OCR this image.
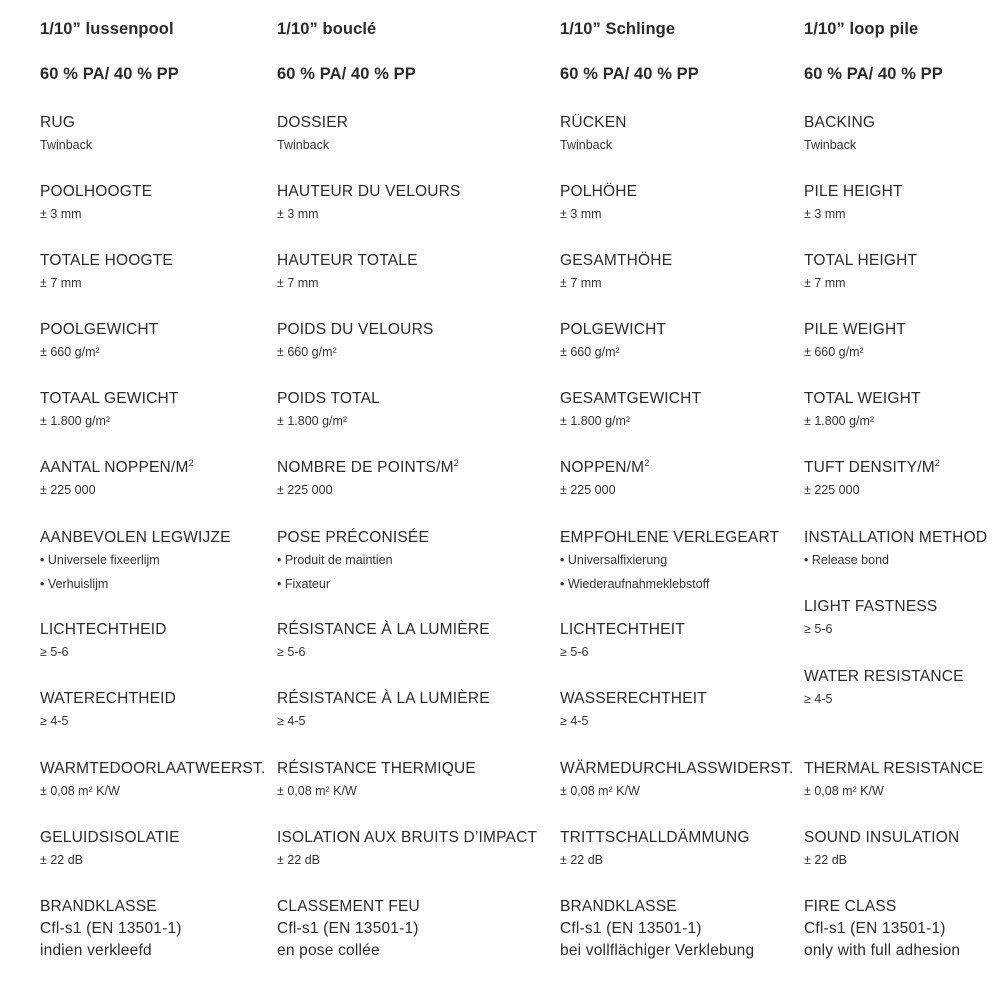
1/10” lussenpool
60 % PA/ 40 % PP
RUG
Twinback
POOLHOOGTE
± 3 mm
TOTALE HOOGTE
± 7 mm
POOLGEWICHT
± 660 g/m²
TOTAAL GEWICHT
± 1.800 g/m²
AANTAL NOPPEN/$M^2$
± 225 000
AANBEVOLEN LEGWIJZE
• Universele fixeerlijm
• Verhuislijm
LICHTECHTHEID
≥ 5-6
WATERECHTHEID
≥ 4-5
WARMTEDOORLAATWEERST.
± 0,08 m² K/W
GELUIDSISOLATIE
± 22 dB
BRANDKLASSE
Cfl-s1 (EN 13501-1)
indien verkleefd
1/10” bouclé
60 % PA/ 40 % PP
DOSSIER
Twinback
HAUTEUR DU VELOURS
± 3 mm
HAUTEUR TOTALE
± 7 mm
POIDS DU VELOURS
± 660 g/m²
POIDS TOTAL
± 1.800 g/m²
NOMBRE DE POINTS/$M^2$
± 225 000
POSE PRÉCONISÉE
• Produit de maintien
• Fixateur
RÉSISTANCE À LA LUMIÈRE
≥ 5-6
RÉSISTANCE À LA LUMIÈRE
≥ 4-5
RÉSISTANCE THERMIQUE
± 0,08 m² K/W
ISOLATION AUX BRUITS D’IMPACT
± 22 dB
CLASSEMENT FEU
Cfl-s1 (EN 13501-1)
en pose collée
1/10” Schlinge
60 % PA/ 40 % PP
RÜCKEN
Twinback
POLHÖHE
± 3 mm
GESAMTHÖHE
± 7 mm
POLGEWICHT
± 660 g/m²
GESAMTGEWICHT
± 1.800 g/m²
NOPPEN/$M^2$
± 225 000
EMPFOHLENE VERLEGEART
• Universalfixierung
• Wiederaufnahmeklebstoff
LICHTECHTHEIT
≥ 5-6
WASSERECHTHEIT
≥ 4-5
WÄRMEDURCHLASSWIDERST.
± 0,08 m² K/W
TRITTSCHALLDÄMMUNG
± 22 dB
BRANDKLASSE
Cfl-s1 (EN 13501-1)
bei vollflächiger Verklebung
1/10” loop pile
60 % PA/ 40 % PP
BACKING
Twinback
PILE HEIGHT
± 3 mm
TOTAL HEIGHT
± 7 mm
PILE WEIGHT
± 660 g/m²
TOTAL WEIGHT
± 1.800 g/m²
TUFT DENSITY/$M^2$
± 225 000
INSTALLATION METHOD
• Release bond
LIGHT FASTNESS
≥ 5-6
WATER RESISTANCE
≥ 4-5
THERMAL RESISTANCE
± 0,08 m² K/W
SOUND INSULATION
± 22 dB
FIRE CLASS
Cfl-s1 (EN 13501-1)
only with full adhesion
